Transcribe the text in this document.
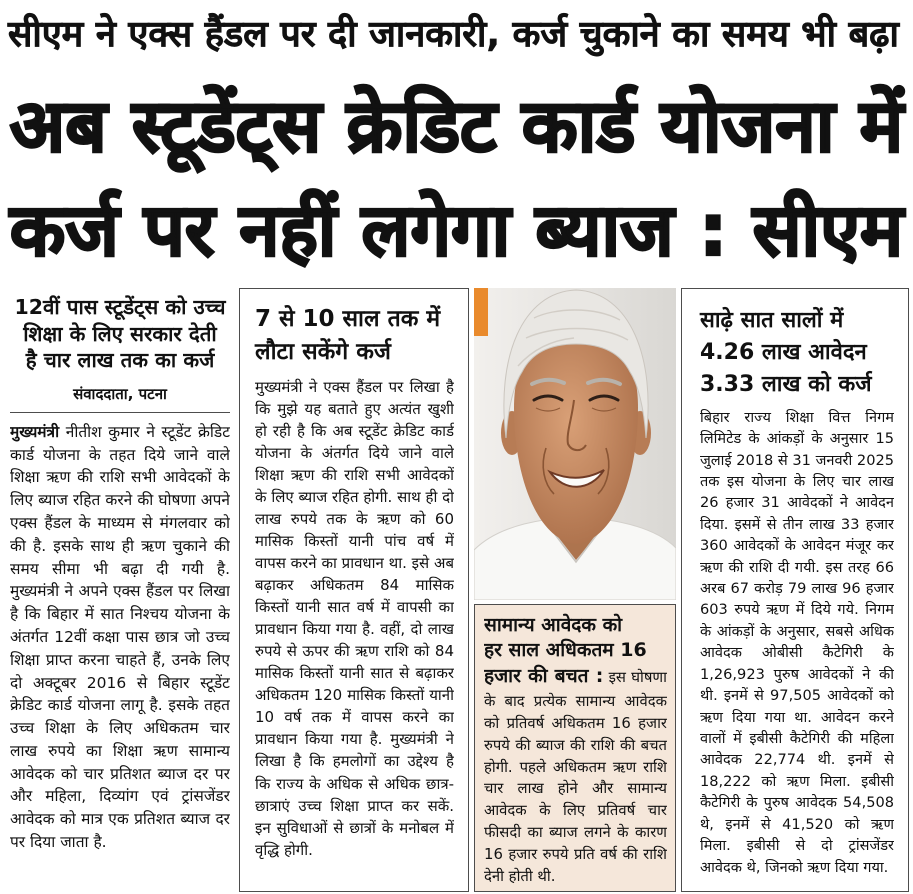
सीएम ने एक्स हैंडल पर दी जानकारी, कर्ज चुकाने का समय भी बढ़ा
अब स्टूडेंट्स क्रेडिट कार्ड योजना में
कर्ज पर नहीं लगेगा ब्याज : सीएम
12वीं पास स्टूडेंट्स को उच्च
शिक्षा के लिए सरकार देती
है चार लाख तक का कर्ज
संवाददाता, पटना

मुख्यमंत्री नीतीश कुमार ने स्टूडेंट क्रेडिट कार्ड योजना के तहत दिये जाने वाले शिक्षा ऋण की राशि सभी आवेदकों के लिए ब्याज रहित करने की घोषणा अपने एक्स हैंडल के माध्यम से मंगलवार को की है. इसके साथ ही ऋण चुकाने की समय सीमा भी बढ़ा दी गयी है. मुख्यमंत्री ने अपने एक्स हैंडल पर लिखा है कि बिहार में सात निश्चय योजना के अंतर्गत 12वीं कक्षा पास छात्र जो उच्च शिक्षा प्राप्त करना चाहते हैं, उनके लिए दो अक्टूबर 2016 से बिहार स्टूडेंट क्रेडिट कार्ड योजना लागू है. इसके तहत उच्च शिक्षा के लिए अधिकतम चार लाख रुपये का शिक्षा ऋण सामान्य आवेदक को चार प्रतिशत ब्याज दर पर और महिला, दिव्यांग एवं ट्रांसजेंडर आवेदक को मात्र एक प्रतिशत ब्याज दर पर दिया जाता है.

7 से 10 साल तक में
लौटा सकेंगे कर्ज

मुख्यमंत्री ने एक्स हैंडल पर लिखा है कि मुझे यह बताते हुए अत्यंत खुशी हो रही है कि अब स्टूडेंट क्रेडिट कार्ड योजना के अंतर्गत दिये जाने वाले शिक्षा ऋण की राशि सभी आवेदकों के लिए ब्याज रहित होगी. साथ ही दो लाख रुपये तक के ऋण को 60 मासिक किस्तों यानी पांच वर्ष में वापस करने का प्रावधान था. इसे अब बढ़ाकर अधिकतम 84 मासिक किस्तों यानी सात वर्ष में वापसी का प्रावधान किया गया है. वहीं, दो लाख रुपये से ऊपर की ऋण राशि को 84 मासिक किस्तों यानी सात से बढ़ाकर अधिकतम 120 मासिक किस्तों यानी 10 वर्ष तक में वापस करने का प्रावधान किया गया है. मुख्यमंत्री ने लिखा है कि हमलोगों का उद्देश्य है कि राज्य के अधिक से अधिक छात्र-छात्राएं उच्च शिक्षा प्राप्त कर सकें. इन सुविधाओं से छात्रों के मनोबल में वृद्धि होगी.

सामान्य आवेदक को
हर साल अधिकतम 16

हजार की बचत : इस घोषणा के बाद प्रत्येक सामान्य आवेदक को प्रतिवर्ष अधिकतम 16 हजार रुपये की ब्याज की राशि की बचत होगी. पहले अधिकतम ऋण राशि चार लाख होने और सामान्य आवेदक के लिए प्रतिवर्ष चार फीसदी का ब्याज लगने के कारण 16 हजार रुपये प्रति वर्ष की राशि देनी होती थी.

साढ़े सात सालों में
4.26 लाख आवेदन
3.33 लाख को कर्ज

बिहार राज्य शिक्षा वित्त निगम लिमिटेड के आंकड़ों के अनुसार 15 जुलाई 2018 से 31 जनवरी 2025 तक इस योजना के लिए चार लाख 26 हजार 31 आवेदकों ने आवेदन दिया. इसमें से तीन लाख 33 हजार 360 आवेदकों के आवेदन मंजूर कर ऋण की राशि दी गयी. इस तरह 66 अरब 67 करोड़ 79 लाख 96 हजार 603 रुपये ऋण में दिये गये. निगम के आंकड़ों के अनुसार, सबसे अधिक आवेदक ओबीसी कैटेगिरी के 1,26,923 पुरुष आवेदकों ने की थी. इनमें से 97,505 आवेदकों को ऋण दिया गया था. आवेदन करने वालों में इबीसी कैटेगिरी की महिला आवेदक 22,774 थी. इनमें से 18,222 को ऋण मिला. इबीसी कैटेगिरी के पुरुष आवेदक 54,508 थे, इनमें से 41,520 को ऋण मिला. इबीसी से दो ट्रांसजेंडर आवेदक थे, जिनको ऋण दिया गया.
